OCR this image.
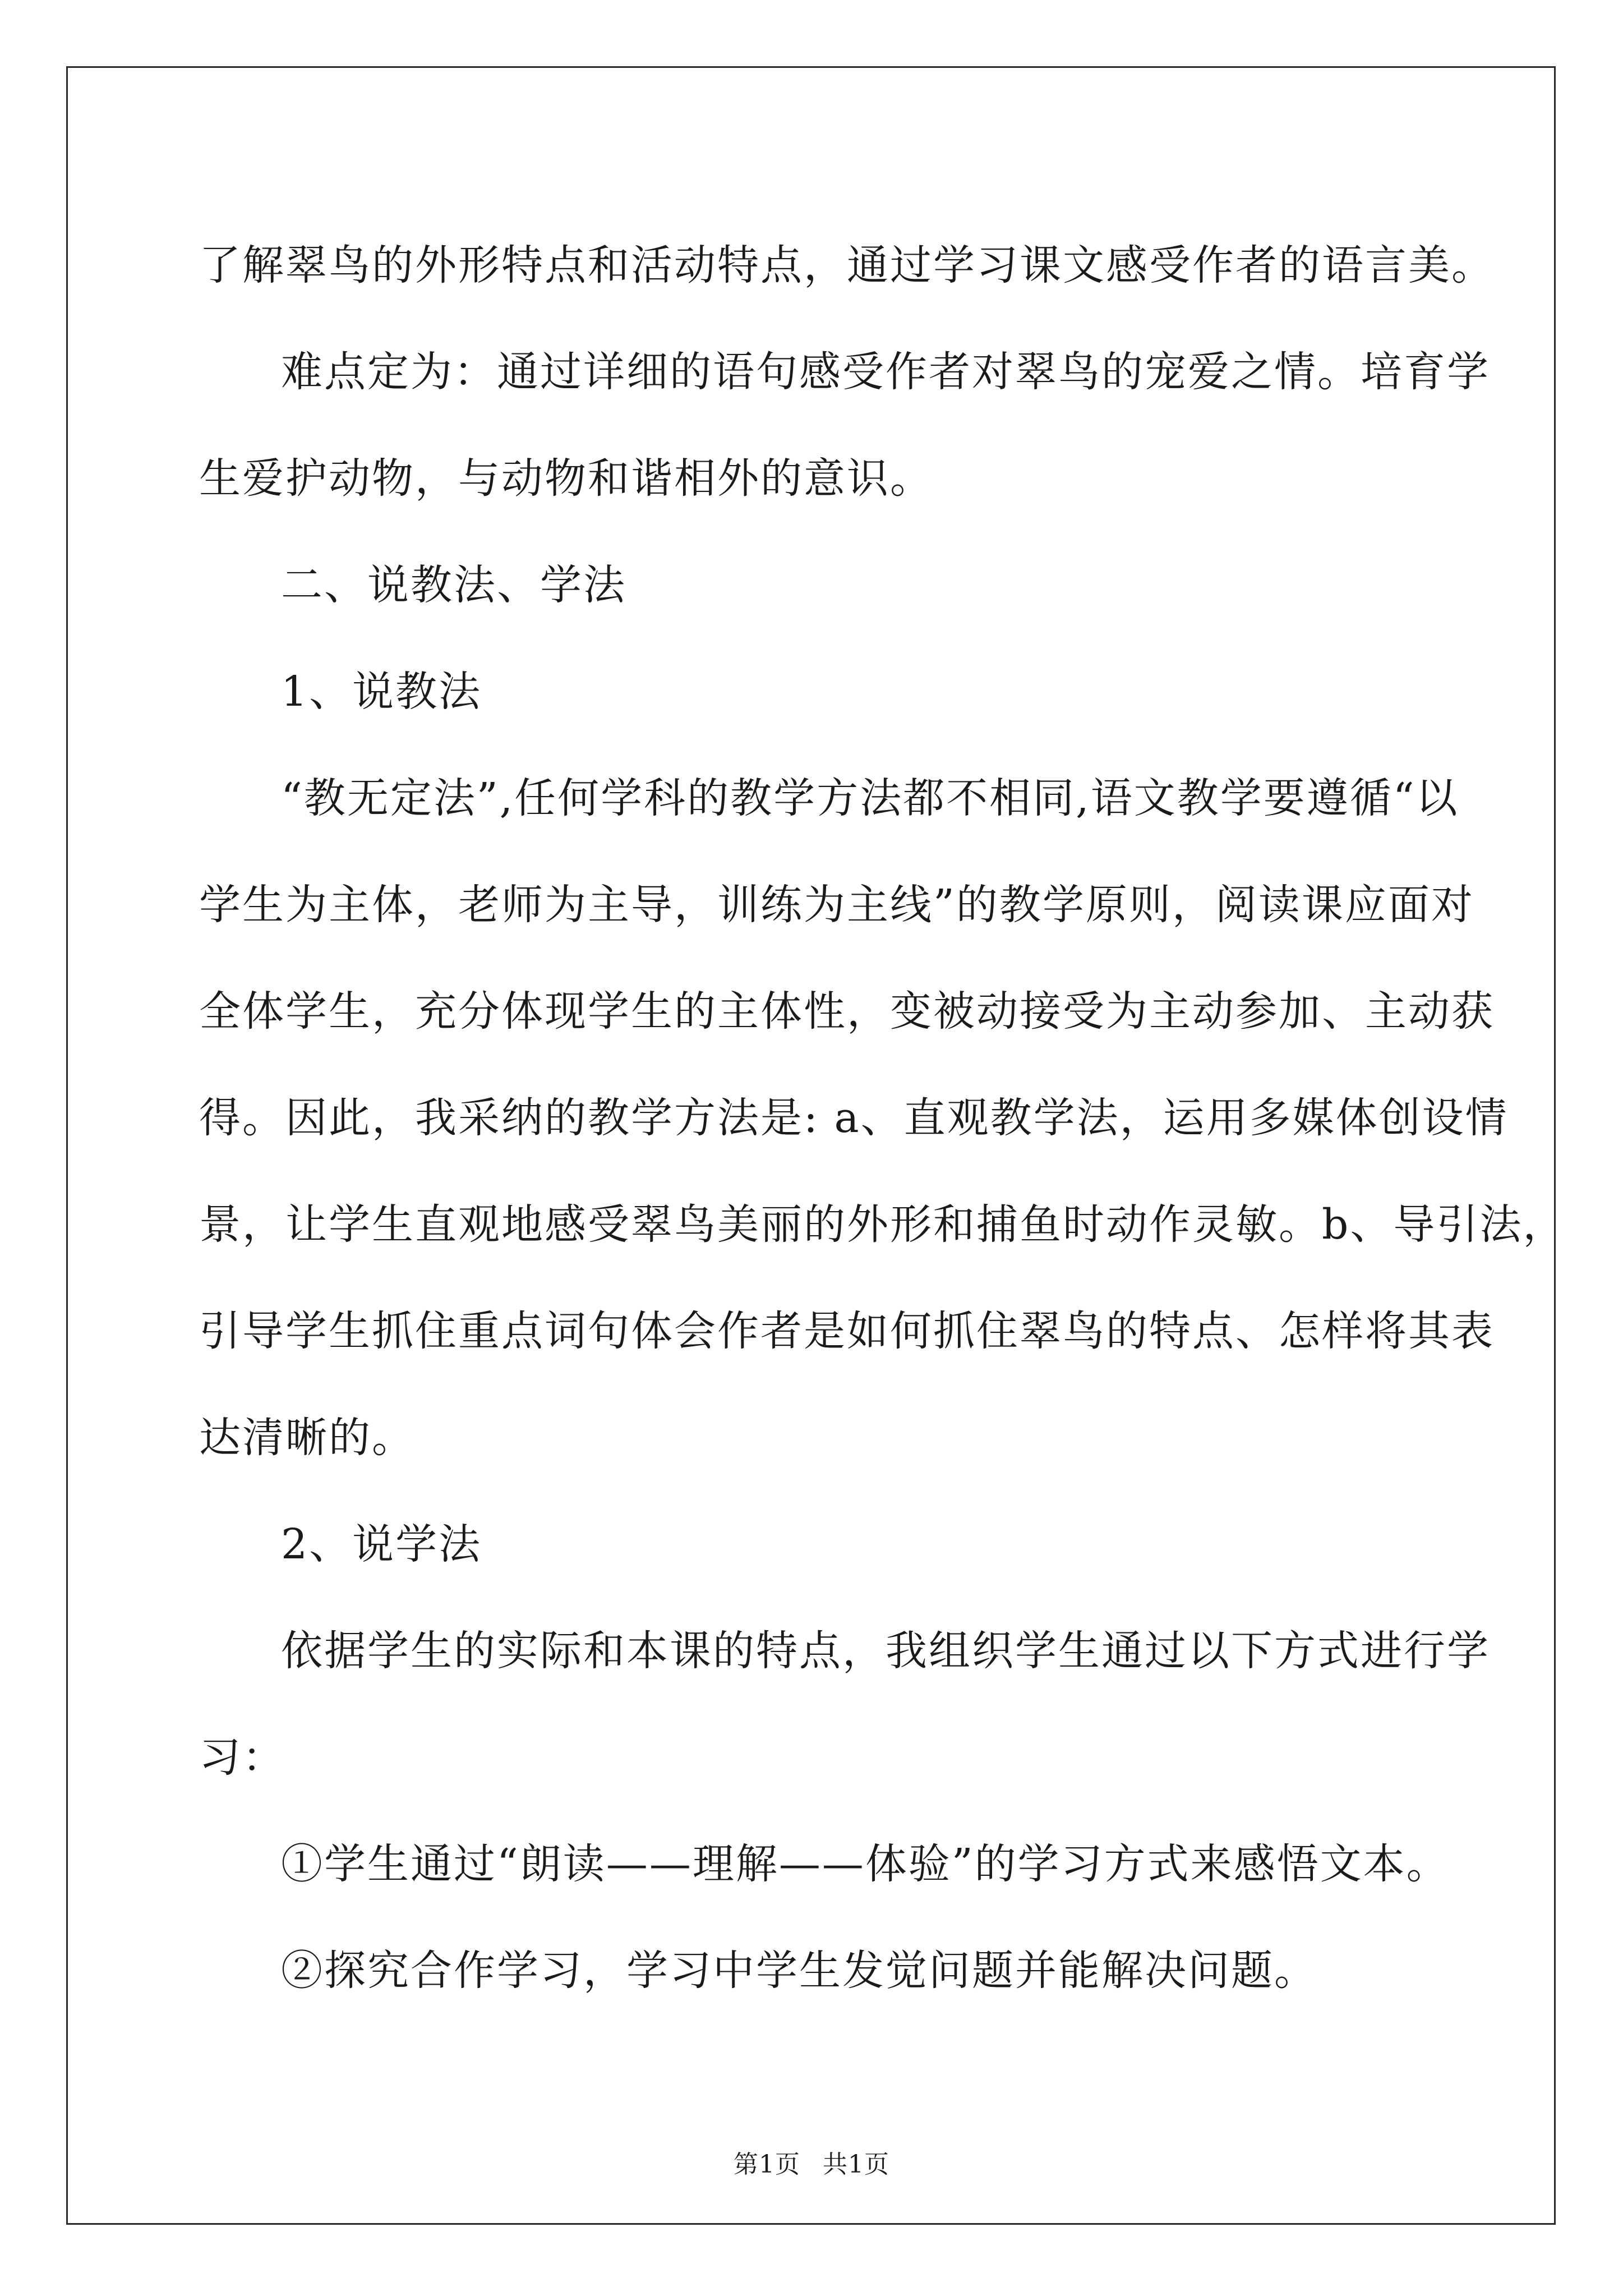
了解翠鸟的外形特点和活动特点，通过学习课文感受作者的语言美。
难点定为：通过详细的语句感受作者对翠鸟的宠爱之情。培育学
生爱护动物，与动物和谐相外的意识。
二、说教法、学法
1、说教法
“教无定法”,任何学科的教学方法都不相同,语文教学要遵循“以
学生为主体，老师为主导，训练为主线”的教学原则，阅读课应面对
全体学生，充分体现学生的主体性，变被动接受为主动参加、主动获
得。因此，我采纳的教学方法是: a、直观教学法，运用多媒体创设情
景，让学生直观地感受翠鸟美丽的外形和捕鱼时动作灵敏。b、导引法，
引导学生抓住重点词句体会作者是如何抓住翠鸟的特点、怎样将其表
达清晰的。
2、说学法
依据学生的实际和本课的特点，我组织学生通过以下方式进行学
习：
①学生通过“朗读——理解——体验”的学习方式来感悟文本。
②探究合作学习，学习中学生发觉问题并能解决问题。
第1页 共1页
